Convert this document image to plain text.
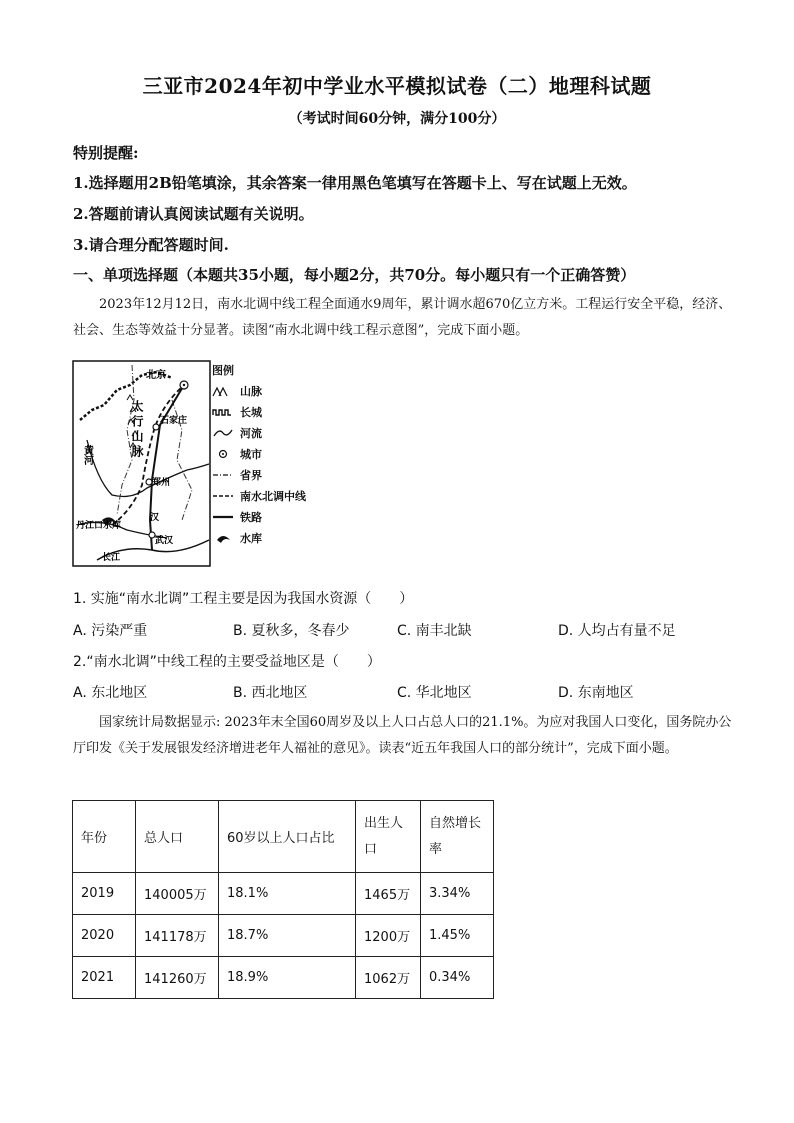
三亚市2024年初中学业水平模拟试卷（二）地理科试题
（考试时间60分钟，满分100分）
特别提醒:
1.选择题用2B铅笔填涂，其余答案一律用黑色笔填写在答题卡上、写在试题上无效。
2.答题前请认真阅读试题有关说明。
3.请合理分配答题时间.
一、单项选择题（本题共35小题，每小题2分，共70分。每小题只有一个正确答赞）
2023年12月12日，南水北调中线工程全面通水9周年，累计调水超670亿立方米。工程运行安全平稳，经济、社会、生态等效益十分显著。读图“南水北调中线工程示意图”，完成下面小题。
北京
石家庄
郑州
武汉
丹江口水库
长江
汉
黄河	太行山脉
图例
山脉
长城
河流
城市
省界
南水北调中线
铁路
水库
1. 实施“南水北调”工程主要是因为我国水资源（　　）
A. 污染严重	B. 夏秋多，冬春少	C. 南丰北缺	D. 人均占有量不足
2.“南水北调”中线工程的主要受益地区是（　　）
A. 东北地区	B. 西北地区	C. 华北地区	D. 东南地区
国家统计局数据显示: 2023年末全国60周岁及以上人口占总人口的21.1%。为应对我国人口变化，国务院办公厅印发《关于发展银发经济增进老年人福祉的意见》。读表“近五年我国人口的部分统计”，完成下面小题。
年份	总人口	60岁以上人口占比	出生人口	自然增长率
2019	140005万	18.1%	1465万	3.34%
2020	141178万	18.7%	1200万	1.45%
2021	141260万	18.9%	1062万	0.34%
